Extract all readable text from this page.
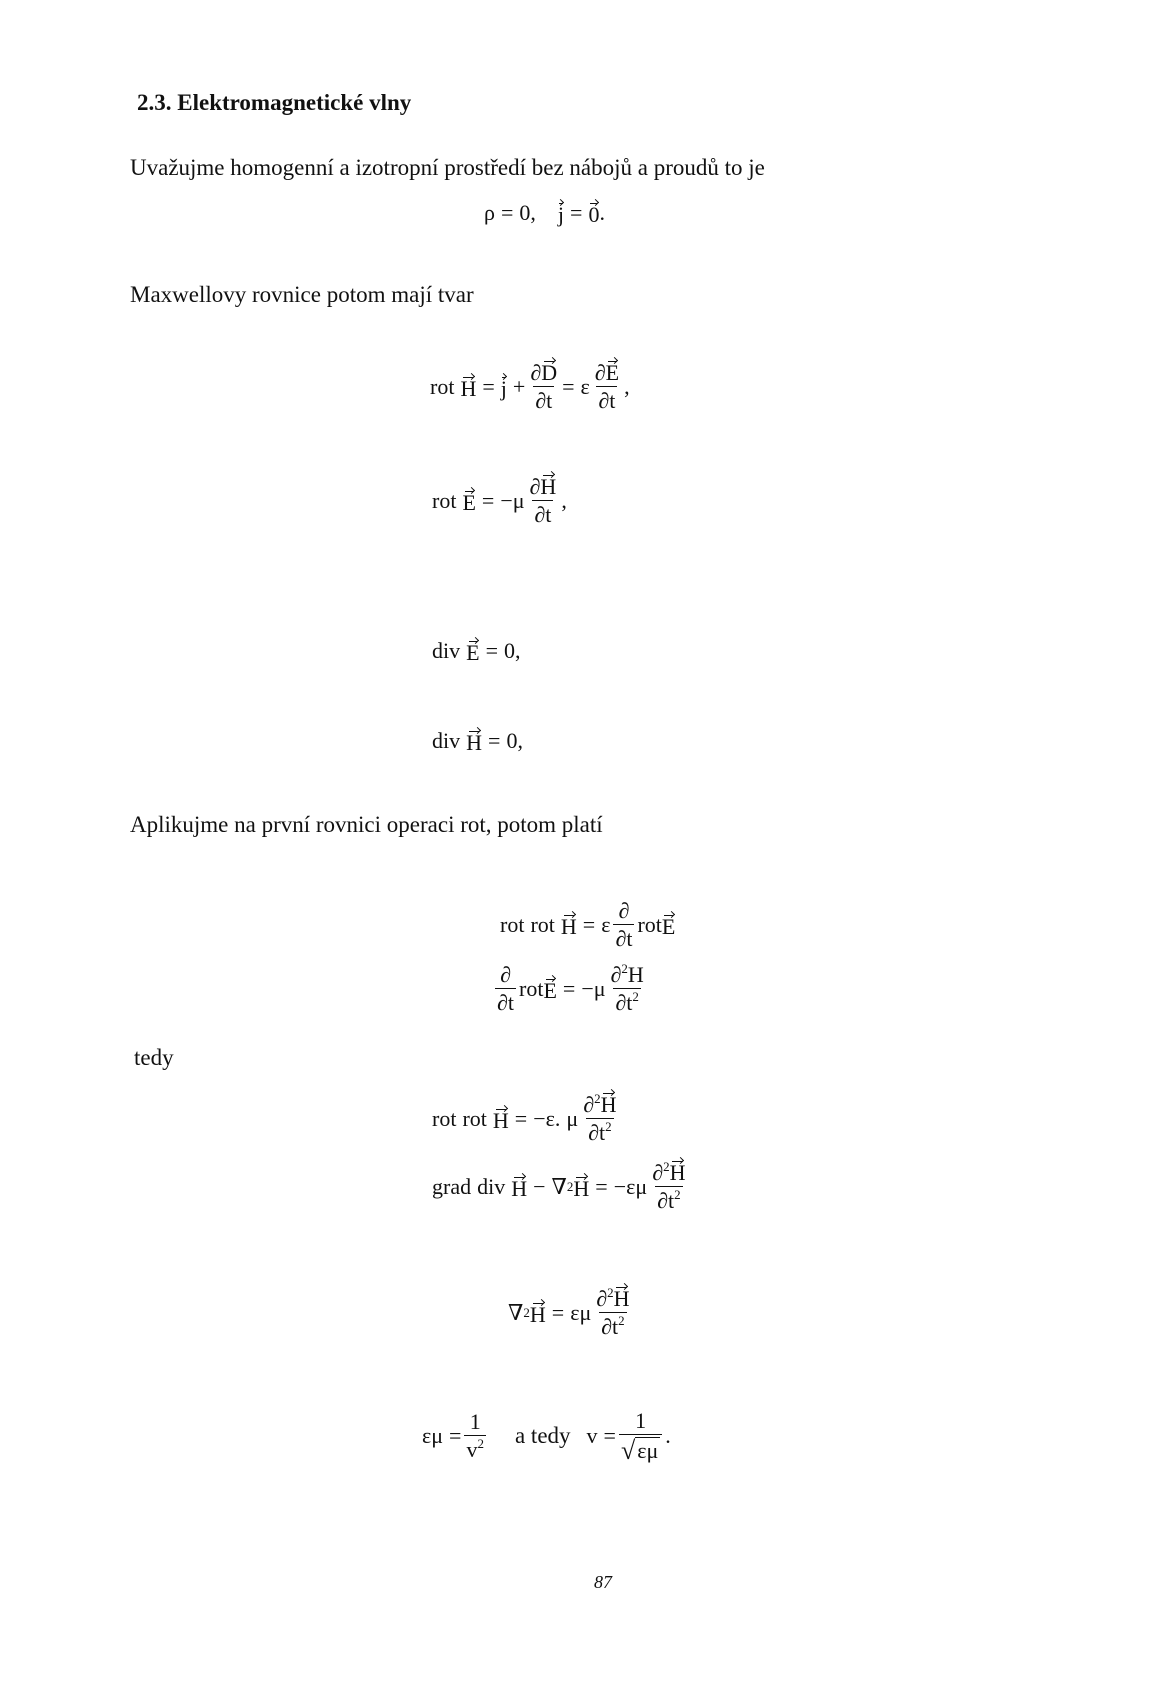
2.3. Elektromagnetické vlny
Uvažujme homogenní a izotropní prostředí bez nábojů a proudů to je
ρ = 0 , j = 0 .
Maxwellovy rovnice potom mají tvar
rot $H = j + \frac{\partial D}{\partial t} = \varepsilon \frac{\partial E}{\partial t}$ ,
rot E = − μ $\frac{\partial H}{\partial t}$ ,
div E = 0 ,
div H = 0 ,
Aplikujme na první rovnici operaci rot, potom platí
rot rot H = ε $\frac{\partial}{\partial t}$ rot E
$\frac{\partial}{\partial t}$ rot E = − μ $\frac{\partial^2H}{\partial t^2}$
tedy
rot rot H = − ε . μ $\frac{\partial^2H}{\partial t^2}$
grad div H − ∇ 2 H = − ε μ $\frac{\partial^2H}{\partial t^2}$
∇ 2 H = ε μ $\frac{\partial^2H}{\partial t^2}$
ε $\mu = \frac{1}{v^2}$ a tedy $v = \frac{1}{√ \varepsilon\mu}$ .
87
